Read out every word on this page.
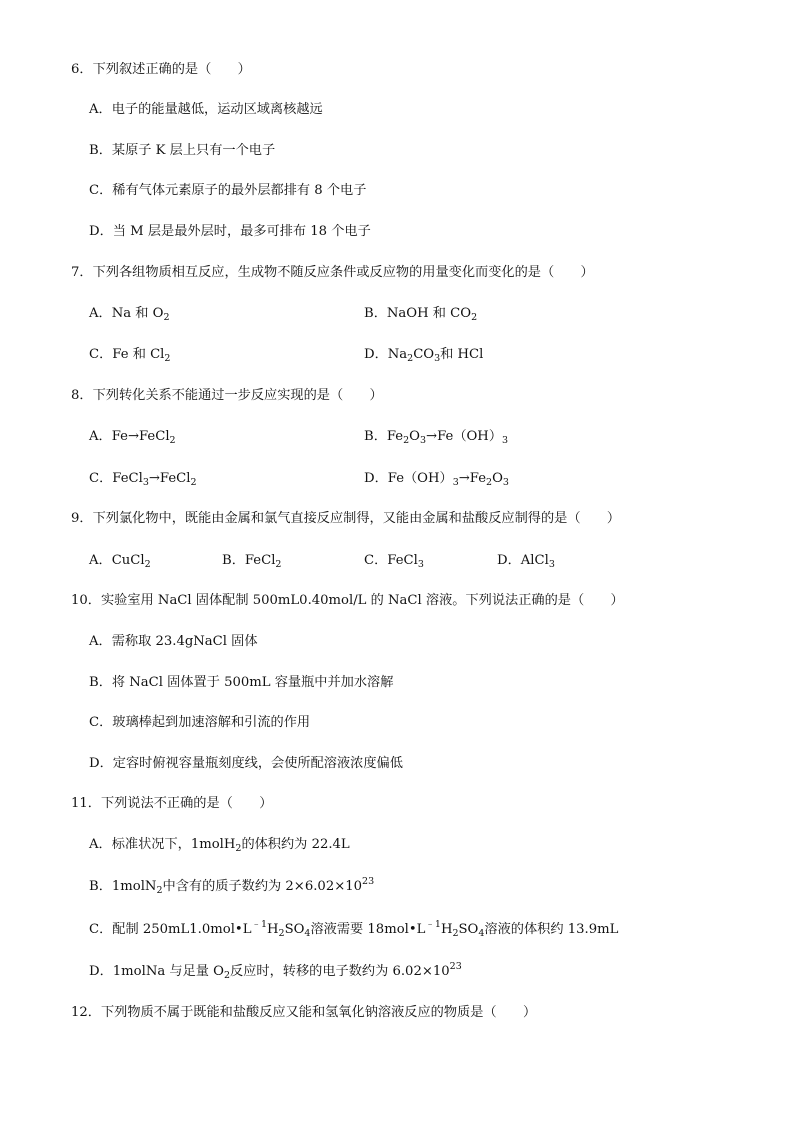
6．下列叙述正确的是（　　）
A．电子的能量越低，运动区域离核越远
B．某原子 K 层上只有一个电子
C．稀有气体元素原子的最外层都排有 8 个电子
D．当 M 层是最外层时，最多可排布 18 个电子
7．下列各组物质相互反应，生成物不随反应条件或反应物的用量变化而变化的是（　　）
A．Na 和 $O_2$	B．NaOH 和 $CO_2$
C．Fe 和 $Cl_2$	D．$Na_2CO_3$和 HCl
8．下列转化关系不能通过一步反应实现的是（　　）
A．Fe→FeCl$_2$	B．$Fe_2O_3\to Fe(OH)_3$
C．FeCl$_3$→FeCl$_2$	D．$Fe(OH)_3\to Fe_2O_3$
9．下列氯化物中，既能由金属和氯气直接反应制得，又能由金属和盐酸反应制得的是（　　）
A．CuCl$_2$	B．FeCl$_2$	C．FeCl$_3$	D．AlCl$_3$
10．实验室用 NaCl 固体配制 500mL0.40mol/L 的 NaCl 溶液。下列说法正确的是（　　）
A．需称取 23.4gNaCl 固体
B．将 NaCl 固体置于 500mL 容量瓶中并加水溶解
C．玻璃棒起到加速溶解和引流的作用
D．定容时俯视容量瓶刻度线，会使所配溶液浓度偏低
11．下列说法不正确的是（　　）
A．标准状况下，1molH$_2$的体积约为 22.4L
B．1molN$_2$中含有的质子数约为 $2\times 6.02\times 10^{23}$
C．配制 $250mL1.0mol•L^{﹣1}H_2SO_4$溶液需要 $18mol•L^{﹣1}H_2SO_4$溶液的体积约 13.9mL
D．1molNa 与足量 $O_2$反应时，转移的电子数约为 $6.02\times 10^{23}$
12．下列物质不属于既能和盐酸反应又能和氢氧化钠溶液反应的物质是（　　）
